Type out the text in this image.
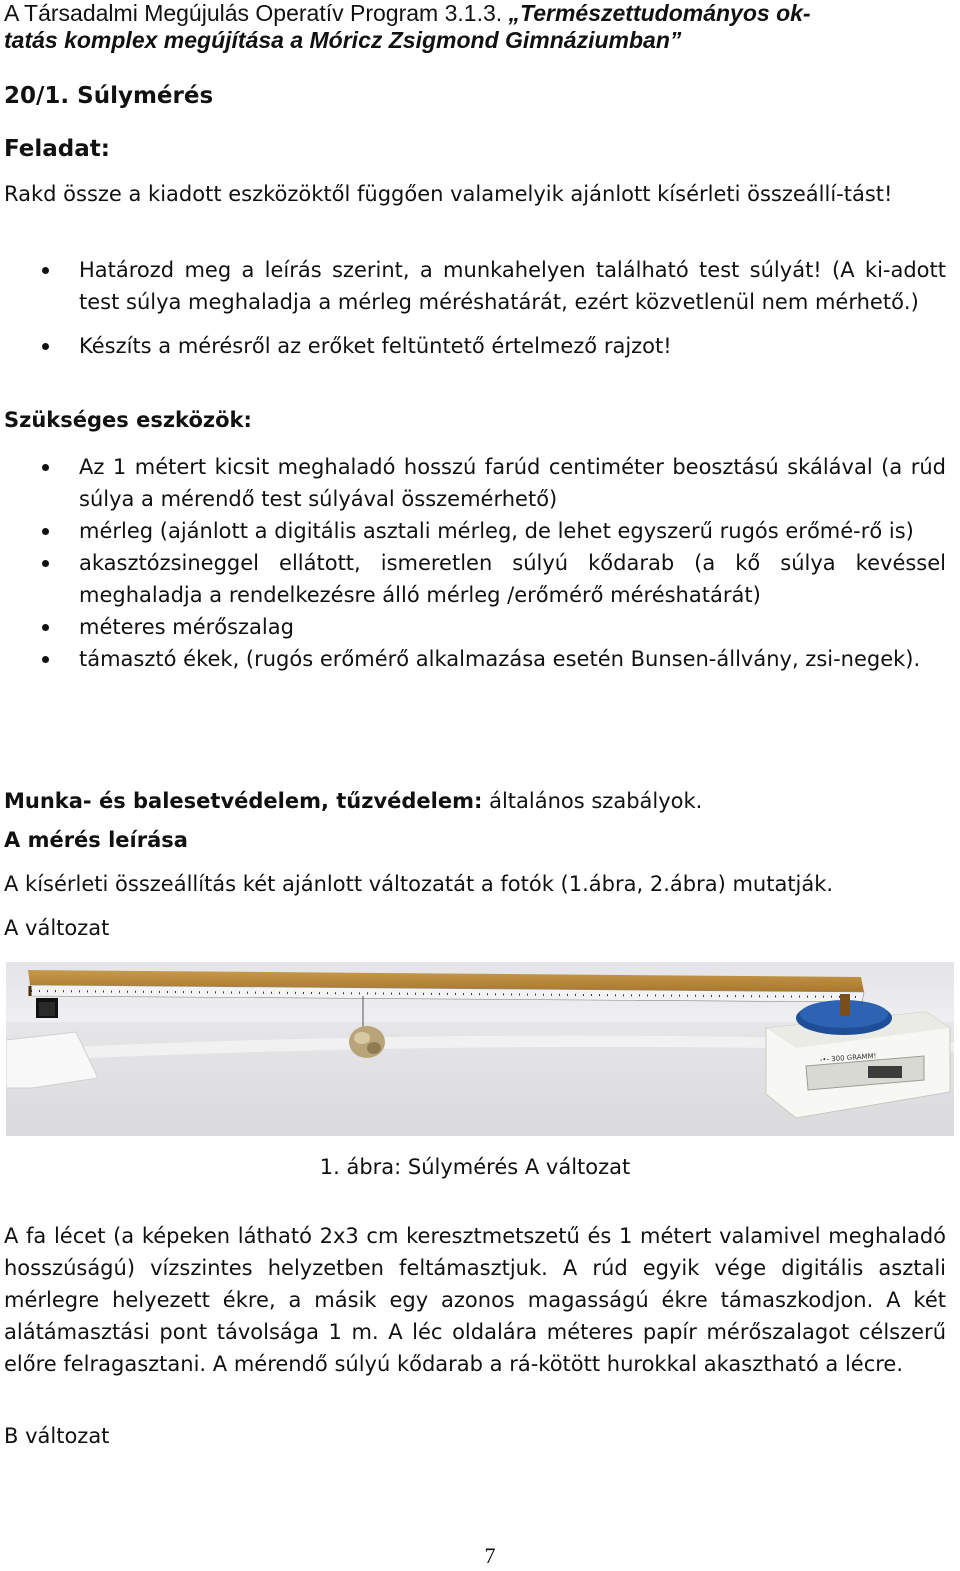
A Társadalmi Megújulás Operatív Program 3.1.3. „Természettudományos ok-
tatás komplex megújítása a Móricz Zsigmond Gimnáziumban”
20/1. Súlymérés
Feladat:
Rakd össze a kiadott eszközöktől függően valamelyik ajánlott kísérleti összeállí-tást!
Határozd meg a leírás szerint, a munkahelyen található test súlyát! (A ki-adott test súlya meghaladja a mérleg méréshatárát, ezért közvetlenül nem mérhető.)
Készíts a mérésről az erőket feltüntető értelmező rajzot!
Szükséges eszközök:
Az 1 métert kicsit meghaladó hosszú farúd centiméter beosztású skálával (a rúd súlya a mérendő test súlyával összemérhető)
mérleg (ajánlott a digitális asztali mérleg, de lehet egyszerű rugós erőmé-rő is)
akasztózsineggel ellátott, ismeretlen súlyú kődarab (a kő súlya kevéssel meghaladja a rendelkezésre álló mérleg /erőmérő méréshatárát)
méteres mérőszalag
támasztó ékek, (rugós erőmérő alkalmazása esetén Bunsen-állvány, zsi-negek).
Munka- és balesetvédelem, tűzvédelem: általános szabályok.
A mérés leírása
A kísérleti összeállítás két ajánlott változatát a fotók (1.ábra, 2.ábra) mutatják.
A változat
-•- 300 GRAMM!
1. ábra: Súlymérés A változat
A fa lécet (a képeken látható 2x3 cm keresztmetszetű és 1 métert valamivel meghaladó hosszúságú) vízszintes helyzetben feltámasztjuk. A rúd egyik vége digitális asztali mérlegre helyezett ékre, a másik egy azonos magasságú ékre támaszkodjon. A két alátámasztási pont távolsága 1 m. A léc oldalára méteres papír mérőszalagot célszerű előre felragasztani. A mérendő súlyú kődarab a rá-kötött hurokkal akasztható a lécre.
B változat
7
